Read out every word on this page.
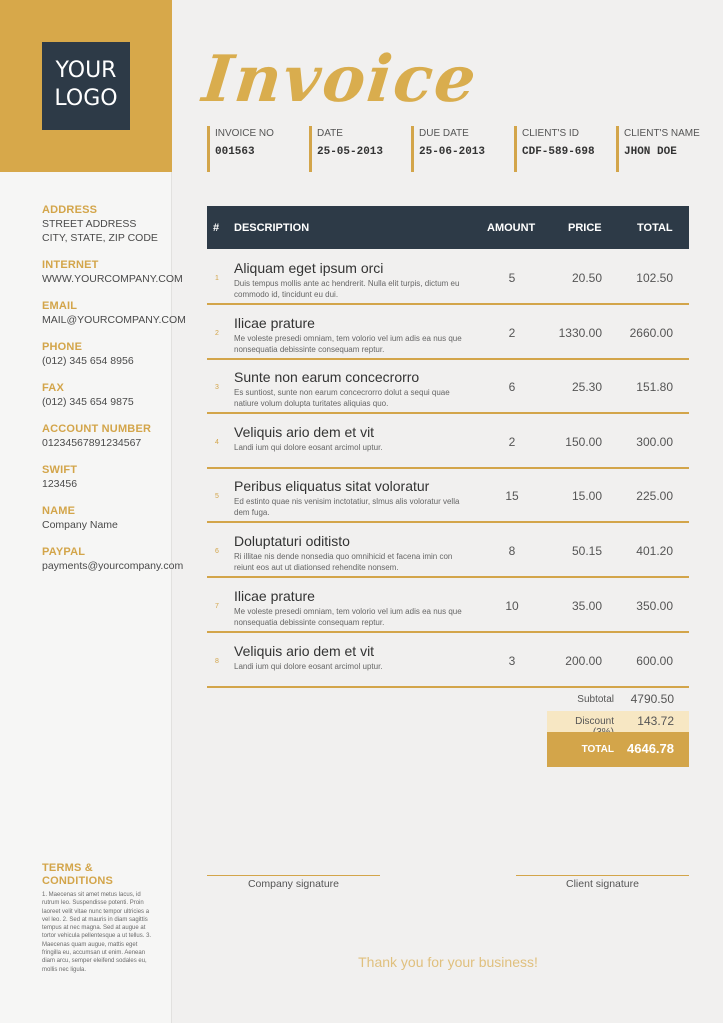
YOUR
LOGO
ADDRESS
STREET ADDRESS
CITY, STATE, ZIP CODE
INTERNET
WWW.YOURCOMPANY.COM
EMAIL
MAIL@YOURCOMPANY.COM
PHONE
(012) 345 654 8956
FAX
(012) 345 654 9875
ACCOUNT NUMBER
01234567891234567
SWIFT
123456
NAME
Company Name
PAYPAL
payments@yourcompany.com
TERMS & CONDITIONS
1. Maecenas sit amet metus lacus, id rutrum leo. Suspendisse potenti. Proin laoreet velit vitae nunc tempor ultricies a vel leo. 2. Sed at mauris in diam sagittis tempus at nec magna. Sed at augue at tortor vehicula pellentesque a ut tellus. 3. Maecenas quam augue, mattis eget fringilla eu, accumsan ut enim. Aenean diam arcu, semper eleifend sodales eu, mollis nec ligula.
Invoice
INVOICE NO
001563
DATE
25-05-2013
DUE DATE
25-06-2013
CLIENT'S ID
CDF-589-698
CLIENT'S NAME
JHON DOE
# DESCRIPTION	AMOUNT	PRICE	TOTAL
1
Aliquam eget ipsum orci
Duis tempus mollis ante ac hendrerit. Nulla elit turpis, dictum eu commodo id, tincidunt eu dui.
5	20.50	102.50
2
Ilicae prature
Me voleste presedi omniam, tem volorio vel ium adis ea nus que nonsequatia debissinte consequam reptur.
2	1330.00	2660.00
3
Sunte non earum concecrorro
Es suntiost, sunte non earum concecrorro dolut a sequi quae natiure volum dolupta turitates aliquias quo.
6	25.30	151.80
4
Veliquis ario dem et vit
Landi ium qui dolore eosant arcimol uptur.	2	150.00	300.00
5
Peribus eliquatus sitat voloratur
Ed estinto quae nis venisim inctotatiur, slmus alis voloratur vella dem fuga.
15	15.00	225.00
6
Doluptaturi oditisto
Ri illitae nis dende nonsedia quo omnihicid et facena imin con reiunt eos aut ut diationsed rehendite nonsem.
8	50.15	401.20
7
Ilicae prature
Me voleste presedi omniam, tem volorio vel ium adis ea nus que nonsequatia debissinte consequam reptur.
10	35.00	350.00
8
Veliquis ario dem et vit
Landi ium qui dolore eosant arcimol uptur.	3	200.00	600.00
Subtotal	4790.50
Discount	143.72
TOTAL	4646.78
Company signature	Client signature
Thank you for your business!
